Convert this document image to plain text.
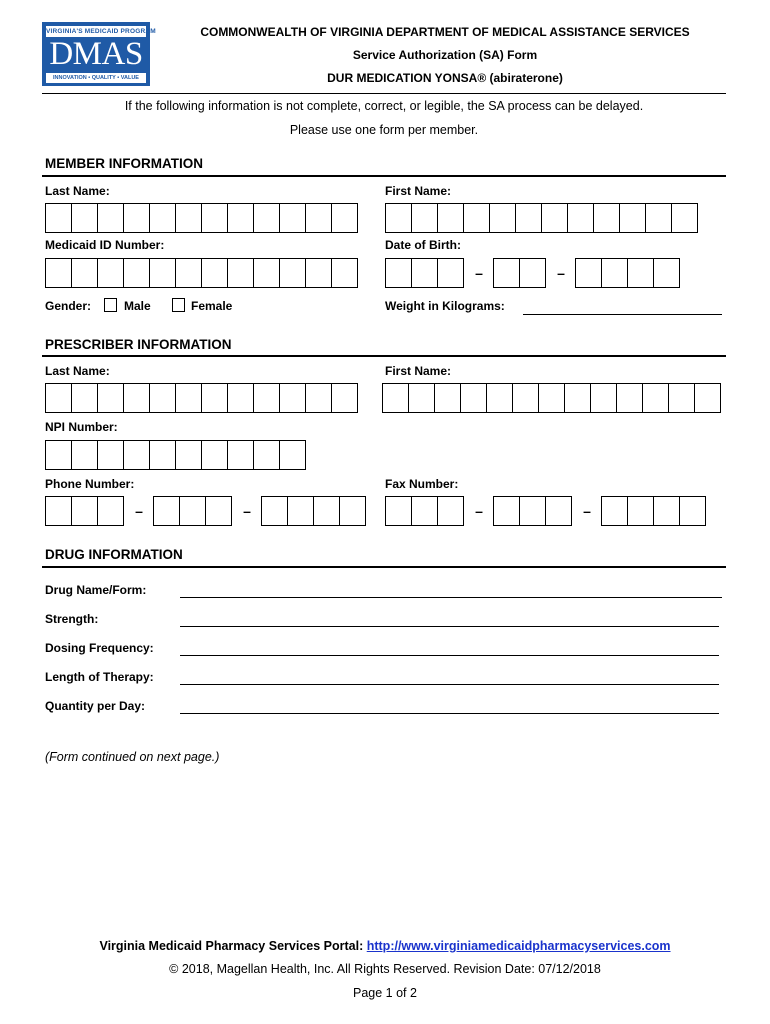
VIRGINIA'S MEDICAID PROGRAM
DMAS
INNOVATION • QUALITY • VALUE
COMMONWEALTH OF VIRGINIA DEPARTMENT OF MEDICAL ASSISTANCE SERVICES
Service Authorization (SA) Form
DUR MEDICATION YONSA® (abiraterone)
If the following information is not complete, correct, or legible, the SA process can be delayed.
Please use one form per member.
MEMBER INFORMATION
Last Name:	First Name:
Medicaid ID Number:	Date of Birth:
–	–
Gender:	Male	Female	Weight in Kilograms:
PRESCRIBER INFORMATION
Last Name:	First Name:
NPI Number:
Phone Number:
–	–
Fax Number:
–	–
DRUG INFORMATION
Drug Name/Form:
Strength:
Dosing Frequency:
Length of Therapy:
Quantity per Day:
(Form continued on next page.)
Virginia Medicaid Pharmacy Services Portal: http://www.virginiamedicaidpharmacyservices.com
© 2018, Magellan Health, Inc. All Rights Reserved. Revision Date: 07/12/2018
Page 1 of 2
